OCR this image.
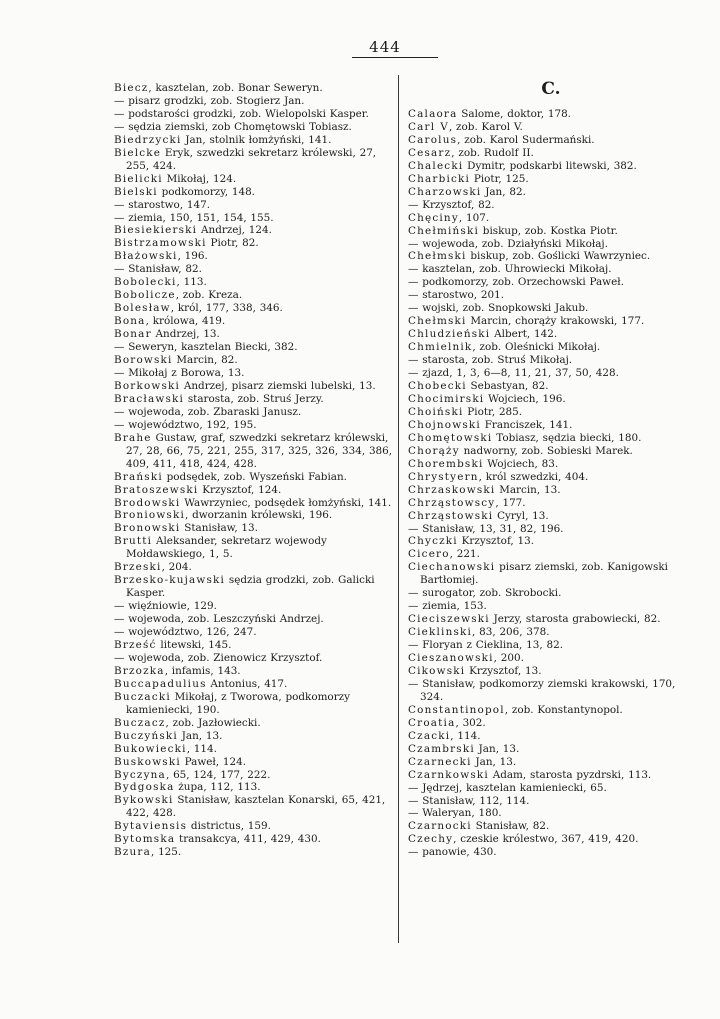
444
Biecz, kasztelan, zob. Bonar Seweryn.
— pisarz grodzki, zob. Stogierz Jan.
— podstarości grodzki, zob. Wielopolski Kasper.
— sędzia ziemski, zob Chomętowski Tobiasz.
Biedrzycki Jan, stolnik łomżyński, 141.
Bielcke Eryk, szwedzki sekretarz królewski, 27, 255, 424.
Bielicki Mikołaj, 124.
Bielski podkomorzy, 148.
— starostwo, 147.
— ziemia, 150, 151, 154, 155.
Biesiekierski Andrzej, 124.
Bistrzamowski Piotr, 82.
Błażowski, 196.
— Stanisław, 82.
Bobolecki, 113.
Bobolicze, zob. Kreza.
Bolesław, król, 177, 338, 346.
Bona, królowa, 419.
Bonar Andrzej, 13.
— Seweryn, kasztelan Biecki, 382.
Borowski Marcin, 82.
— Mikołaj z Borowa, 13.
Borkowski Andrzej, pisarz ziemski lubelski, 13.
Bracławski starosta, zob. Struś Jerzy.
— wojewoda, zob. Zbaraski Janusz.
— województwo, 192, 195.
Brahe Gustaw, graf, szwedzki sekretarz królewski, 27, 28, 66, 75, 221, 255, 317, 325, 326, 334, 386, 409, 411, 418, 424, 428.
Brański podsędek, zob. Wyszeński Fabian.
Bratoszewski Krzysztof, 124.
Brodowski Wawrzyniec, podsędek łomżyński, 141.
Broniowski, dworzanin królewski, 196.
Bronowski Stanisław, 13.
Brutti Aleksander, sekretarz wojewody Mołdawskiego, 1, 5.
Brzeski, 204.
Brzesko-kujawski sędzia grodzki, zob. Galicki Kasper.
— więźniowie, 129.
— wojewoda, zob. Leszczyński Andrzej.
— województwo, 126, 247.
Brześć litewski, 145.
— wojewoda, zob. Zienowicz Krzysztof.
Brzozka, infamis, 143.
Buccapadulius Antonius, 417.
Buczacki Mikołaj, z Tworowa, podkomorzy kamieniecki, 190.
Buczacz, zob. Jazłowiecki.
Buczyński Jan, 13.
Bukowiecki, 114.
Buskowski Paweł, 124.
Byczyna, 65, 124, 177, 222.
Bydgoska żupa, 112, 113.
Bykowski Stanisław, kasztelan Konarski, 65, 421, 422, 428.
Bytaviensis districtus, 159.
Bytomska transakcya, 411, 429, 430.
Bzura, 125.
C.
Calaora Salome, doktor, 178.
Carl V, zob. Karol V.
Carolus, zob. Karol Sudermański.
Cesarz, zob. Rudolf II.
Chalecki Dymitr, podskarbi litewski, 382.
Charbicki Piotr, 125.
Charzowski Jan, 82.
— Krzysztof, 82.
Chęciny, 107.
Chełmiński biskup, zob. Kostka Piotr.
— wojewoda, zob. Działyński Mikołaj.
Chełmski biskup, zob. Goślicki Wawrzyniec.
— kasztelan, zob. Uhrowiecki Mikołaj.
— podkomorzy, zob. Orzechowski Paweł.
— starostwo, 201.
— wojski, zob. Snopkowski Jakub.
Chełmski Marcin, chorąży krakowski, 177.
Chludzieński Albert, 142.
Chmielnik, zob. Oleśnicki Mikołaj.
— starosta, zob. Struś Mikołaj.
— zjazd, 1, 3, 6—8, 11, 21, 37, 50, 428.
Chobecki Sebastyan, 82.
Chocimirski Wojciech, 196.
Choiński Piotr, 285.
Chojnowski Franciszek, 141.
Chomętowski Tobiasz, sędzia biecki, 180.
Chorąży nadworny, zob. Sobieski Marek.
Chorembski Wojciech, 83.
Chrystyern, król szwedzki, 404.
Chrzaskowski Marcin, 13.
Chrząstowscy, 177.
Chrząstowski Cyryl, 13.
— Stanisław, 13, 31, 82, 196.
Chyczki Krzysztof, 13.
Cicero, 221.
Ciechanowski pisarz ziemski, zob. Kanigowski Bartłomiej.
— surogator, zob. Skrobocki.
— ziemia, 153.
Cieciszewski Jerzy, starosta grabowiecki, 82.
Cieklinski, 83, 206, 378.
— Floryan z Cieklina, 13, 82.
Cieszanowski, 200.
Cikowski Krzysztof, 13.
— Stanisław, podkomorzy ziemski krakowski, 170, 324.
Constantinopol, zob. Konstantynopol.
Croatia, 302.
Czacki, 114.
Czambrski Jan, 13.
Czarnecki Jan, 13.
Czarnkowski Adam, starosta pyzdrski, 113.
— Jędrzej, kasztelan kamieniecki, 65.
— Stanisław, 112, 114.
— Waleryan, 180.
Czarnocki Stanisław, 82.
Czechy, czeskie królestwo, 367, 419, 420.
— panowie, 430.
